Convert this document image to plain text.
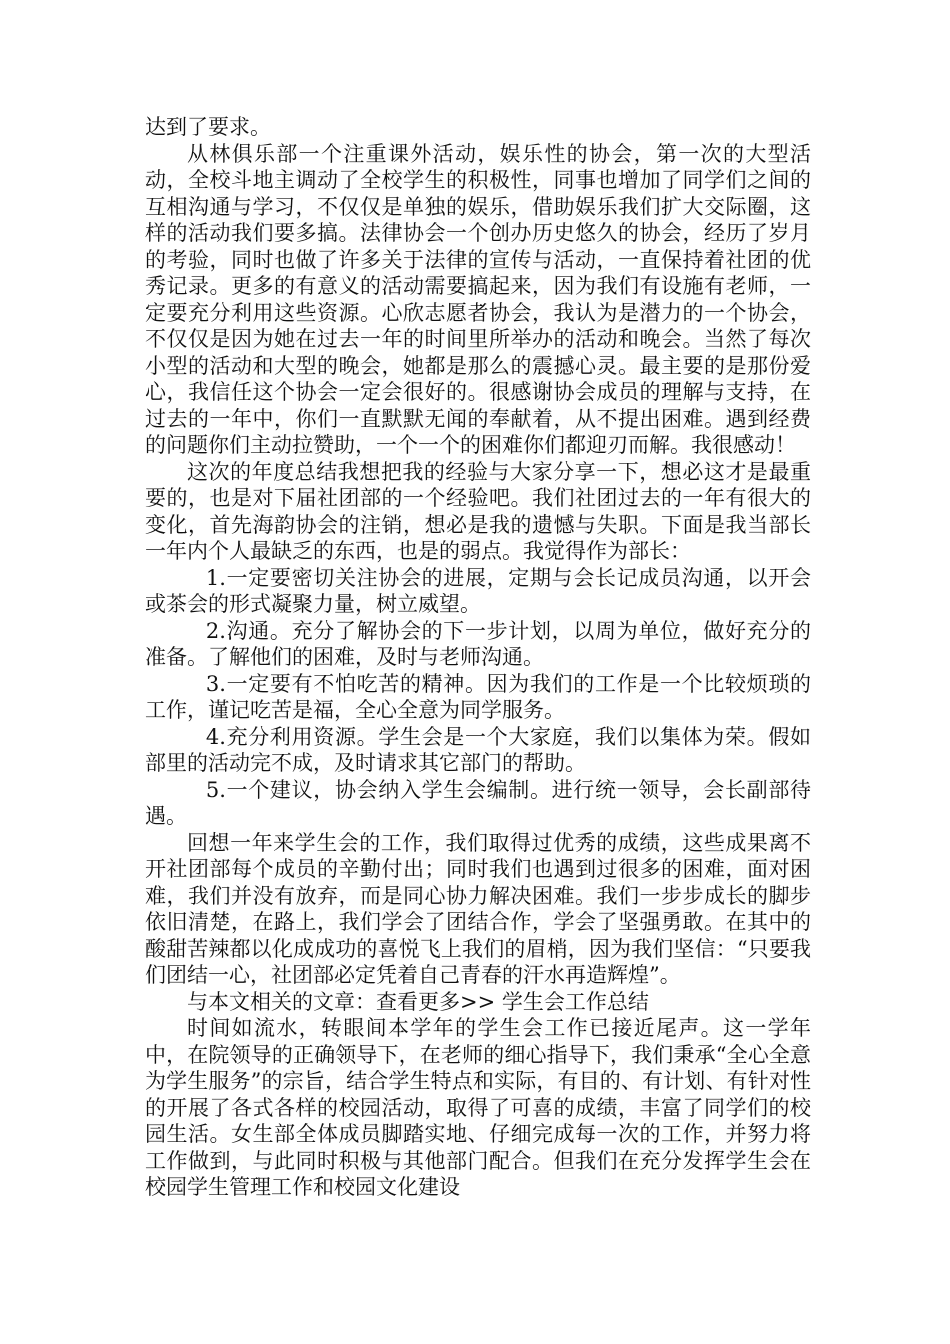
达到了要求。

从林俱乐部一个注重课外活动，娱乐性的协会，第一次的大型活动，全校斗地主调动了全校学生的积极性，同事也增加了同学们之间的互相沟通与学习，不仅仅是单独的娱乐，借助娱乐我们扩大交际圈，这样的活动我们要多搞。法律协会一个创办历史悠久的协会，经历了岁月的考验，同时也做了许多关于法律的宣传与活动，一直保持着社团的优秀记录。更多的有意义的活动需要搞起来，因为我们有设施有老师，一定要充分利用这些资源。心欣志愿者协会，我认为是潜力的一个协会，不仅仅是因为她在过去一年的时间里所举办的活动和晚会。当然了每次小型的活动和大型的晚会，她都是那么的震撼心灵。最主要的是那份爱心，我信任这个协会一定会很好的。很感谢协会成员的理解与支持，在过去的一年中，你们一直默默无闻的奉献着，从不提出困难。遇到经费的问题你们主动拉赞助，一个一个的困难你们都迎刃而解。我很感动！

这次的年度总结我想把我的经验与大家分享一下，想必这才是最重要的，也是对下届社团部的一个经验吧。我们社团过去的一年有很大的变化，首先海韵协会的注销，想必是我的遗憾与失职。下面是我当部长一年内个人最缺乏的东西，也是的弱点。我觉得作为部长：

1.一定要密切关注协会的进展，定期与会长记成员沟通，以开会或茶会的形式凝聚力量，树立威望。

2.沟通。充分了解协会的下一步计划，以周为单位，做好充分的准备。了解他们的困难，及时与老师沟通。

3.一定要有不怕吃苦的精神。因为我们的工作是一个比较烦琐的工作，谨记吃苦是福，全心全意为同学服务。

4.充分利用资源。学生会是一个大家庭，我们以集体为荣。假如部里的活动完不成，及时请求其它部门的帮助。

5.一个建议，协会纳入学生会编制。进行统一领导，会长副部待遇。

回想一年来学生会的工作，我们取得过优秀的成绩，这些成果离不开社团部每个成员的辛勤付出；同时我们也遇到过很多的困难，面对困难，我们并没有放弃，而是同心协力解决困难。我们一步步成长的脚步依旧清楚，在路上，我们学会了团结合作，学会了坚强勇敢。在其中的酸甜苦辣都以化成成功的喜悦飞上我们的眉梢，因为我们坚信：“只要我们团结一心，社团部必定凭着自己青春的汗水再造辉煌”。

与本文相关的文章：查看更多>> 学生会工作总结

时间如流水，转眼间本学年的学生会工作已接近尾声。这一学年中，在院领导的正确领导下，在老师的细心指导下，我们秉承“全心全意为学生服务”的宗旨，结合学生特点和实际，有目的、有计划、有针对性的开展了各式各样的校园活动，取得了可喜的成绩，丰富了同学们的校园生活。女生部全体成员脚踏实地、仔细完成每一次的工作，并努力将工作做到，与此同时积极与其他部门配合。但我们在充分发挥学生会在校园学生管理工作和校园文化建设
